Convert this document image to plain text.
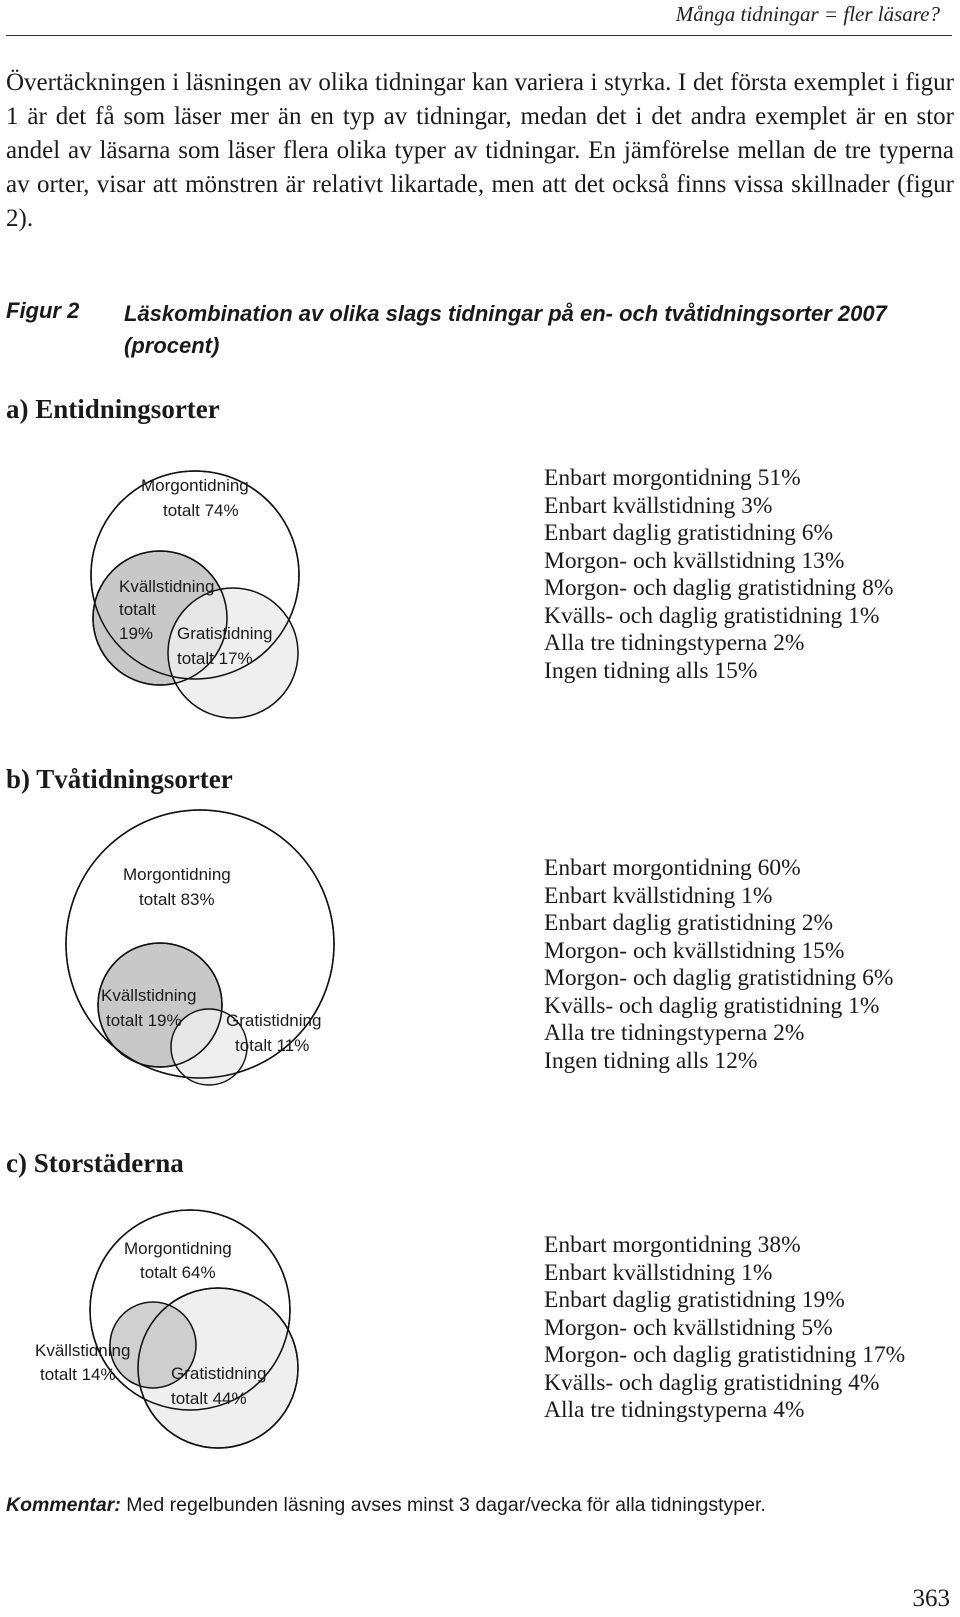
Många tidningar = fler läsare?

Övertäckningen i läsningen av olika tidningar kan variera i styrka. I det första exemplet i figur 1 är det få som läser mer än en typ av tidningar, medan det i det andra exemplet är en stor andel av läsarna som läser flera olika typer av tidningar. En jämförelse mellan de tre typerna av orter, visar att mönstren är relativt likartade, men att det också finns vissa skillnader (figur 2).

Figur 2 Läskombination av olika slags tidningar på en- och tvåtidningsorter 2007 (procent)

a) Entidningsorter
Morgontidning
totalt 74%
Kvällstidning
totalt
19% Gratistidning
totalt 17%
Enbart morgontidning 51%
Enbart kvällstidning 3%
Enbart daglig gratistidning 6%
Morgon- och kvällstidning 13%
Morgon- och daglig gratistidning 8%
Kvälls- och daglig gratistidning 1%
Alla tre tidningstyperna 2%
Ingen tidning alls 15%
b) Tvåtidningsorter
Morgontidning
totalt 83%
Kvällstidning
totalt 19%	Gratistidning
totalt 11%
Enbart morgontidning 60%
Enbart kvällstidning 1%
Enbart daglig gratistidning 2%
Morgon- och kvällstidning 15%
Morgon- och daglig gratistidning 6%
Kvälls- och daglig gratistidning 1%
Alla tre tidningstyperna 2%
Ingen tidning alls 12%
c) Storstäderna
Morgontidning
totalt 64%
Kvällstidning
totalt 14%	Gratistidning
totalt 44%
Enbart morgontidning 38%
Enbart kvällstidning 1%
Enbart daglig gratistidning 19%
Morgon- och kvällstidning 5%
Morgon- och daglig gratistidning 17%
Kvälls- och daglig gratistidning 4%
Alla tre tidningstyperna 4%
Kommentar: Med regelbunden läsning avses minst 3 dagar/vecka för alla tidningstyper.
363
